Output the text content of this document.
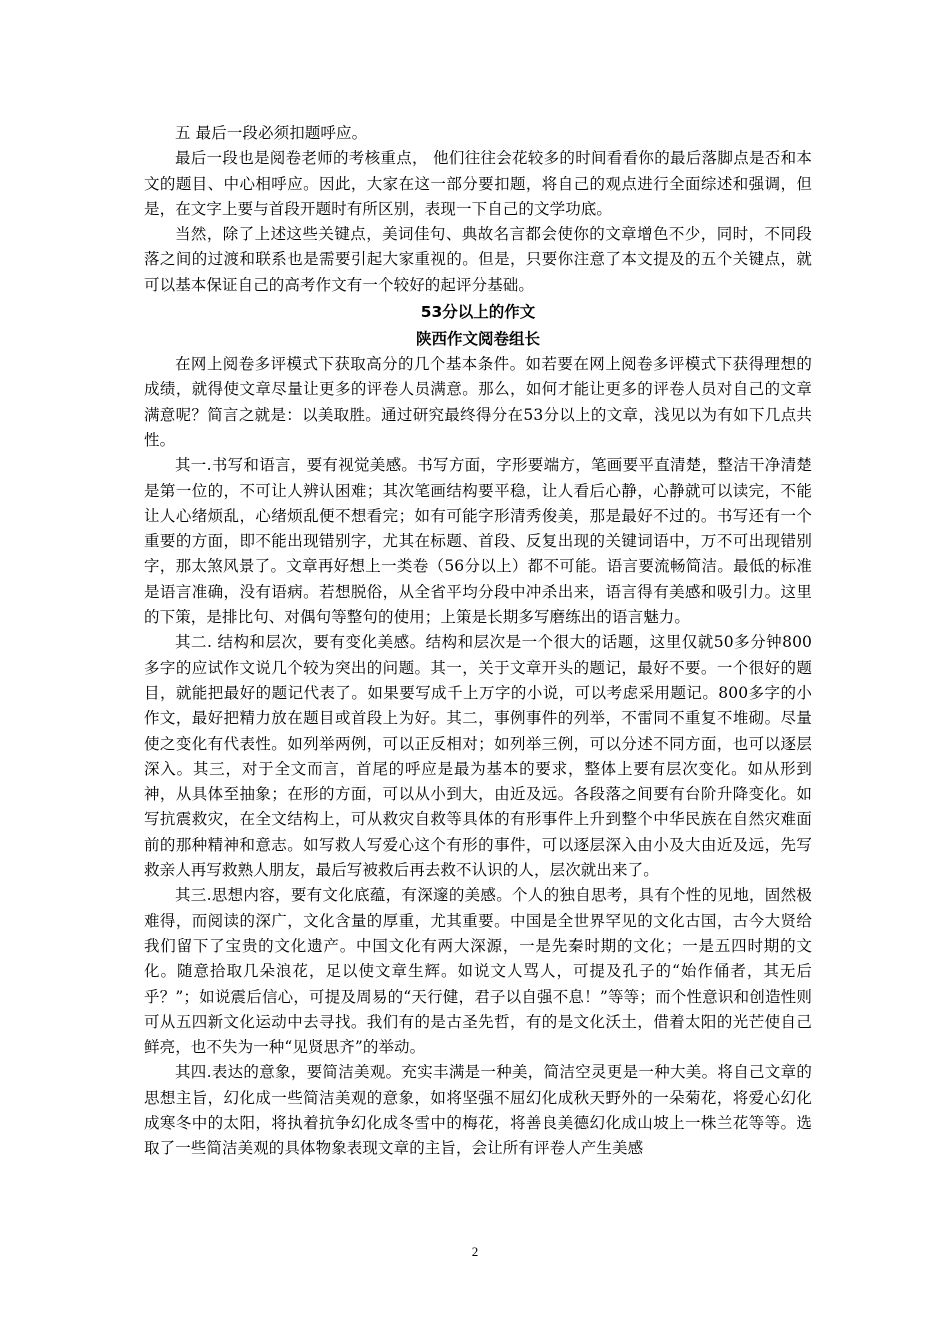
五 最后一段必须扣题呼应。

最后一段也是阅卷老师的考核重点， 他们往往会花较多的时间看看你的最后落脚点是否和本文的题目、中心相呼应。因此，大家在这一部分要扣题，将自己的观点进行全面综述和强调，但是，在文字上要与首段开题时有所区别，表现一下自己的文学功底。

当然，除了上述这些关键点，美词佳句、典故名言都会使你的文章增色不少，同时，不同段落之间的过渡和联系也是需要引起大家重视的。但是，只要你注意了本文提及的五个关键点，就可以基本保证自己的高考作文有一个较好的起评分基础。

53分以上的作文
陕西作文阅卷组长

在网上阅卷多评模式下获取高分的几个基本条件。如若要在网上阅卷多评模式下获得理想的成绩，就得使文章尽量让更多的评卷人员满意。那么，如何才能让更多的评卷人员对自己的文章满意呢？简言之就是：以美取胜。通过研究最终得分在53分以上的文章，浅见以为有如下几点共性。

其一.书写和语言，要有视觉美感。书写方面，字形要端方，笔画要平直清楚，整洁干净清楚是第一位的，不可让人辨认困难；其次笔画结构要平稳，让人看后心静，心静就可以读完，不能让人心绪烦乱，心绪烦乱便不想看完；如有可能字形清秀俊美，那是最好不过的。书写还有一个重要的方面，即不能出现错别字，尤其在标题、首段、反复出现的关键词语中，万不可出现错别字，那太煞风景了。文章再好想上一类卷（56分以上）都不可能。语言要流畅简洁。最低的标准是语言准确，没有语病。若想脱俗，从全省平均分段中冲杀出来，语言得有美感和吸引力。这里的下策，是排比句、对偶句等整句的使用；上策是长期多写磨练出的语言魅力。

其二. 结构和层次，要有变化美感。结构和层次是一个很大的话题，这里仅就50多分钟800多字的应试作文说几个较为突出的问题。其一，关于文章开头的题记，最好不要。一个很好的题目，就能把最好的题记代表了。如果要写成千上万字的小说，可以考虑采用题记。800多字的小作文，最好把精力放在题目或首段上为好。其二，事例事件的列举，不雷同不重复不堆砌。尽量使之变化有代表性。如列举两例，可以正反相对；如列举三例，可以分述不同方面，也可以逐层深入。其三，对于全文而言，首尾的呼应是最为基本的要求，整体上要有层次变化。如从形到神，从具体至抽象；在形的方面，可以从小到大，由近及远。各段落之间要有台阶升降变化。如写抗震救灾，在全文结构上，可从救灾自救等具体的有形事件上升到整个中华民族在自然灾难面前的那种精神和意志。如写救人写爱心这个有形的事件，可以逐层深入由小及大由近及远，先写救亲人再写救熟人朋友，最后写被救后再去救不认识的人，层次就出来了。

其三.思想内容，要有文化底蕴，有深邃的美感。个人的独自思考，具有个性的见地，固然极难得，而阅读的深广，文化含量的厚重，尤其重要。中国是全世界罕见的文化古国，古今大贤给我们留下了宝贵的文化遗产。中国文化有两大深源，一是先秦时期的文化；一是五四时期的文化。随意拾取几朵浪花，足以使文章生辉。如说文人骂人，可提及孔子的“始作俑者，其无后乎？”；如说震后信心，可提及周易的“天行健，君子以自强不息！”等等；而个性意识和创造性则可从五四新文化运动中去寻找。我们有的是古圣先哲，有的是文化沃土，借着太阳的光芒使自己鲜亮，也不失为一种“见贤思齐”的举动。

其四.表达的意象，要简洁美观。充实丰满是一种美，简洁空灵更是一种大美。将自己文章的思想主旨，幻化成一些简洁美观的意象，如将坚强不屈幻化成秋天野外的一朵菊花，将爱心幻化成寒冬中的太阳，将执着抗争幻化成冬雪中的梅花，将善良美德幻化成山坡上一株兰花等等。选取了一些简洁美观的具体物象表现文章的主旨，会让所有评卷人产生美感

2
